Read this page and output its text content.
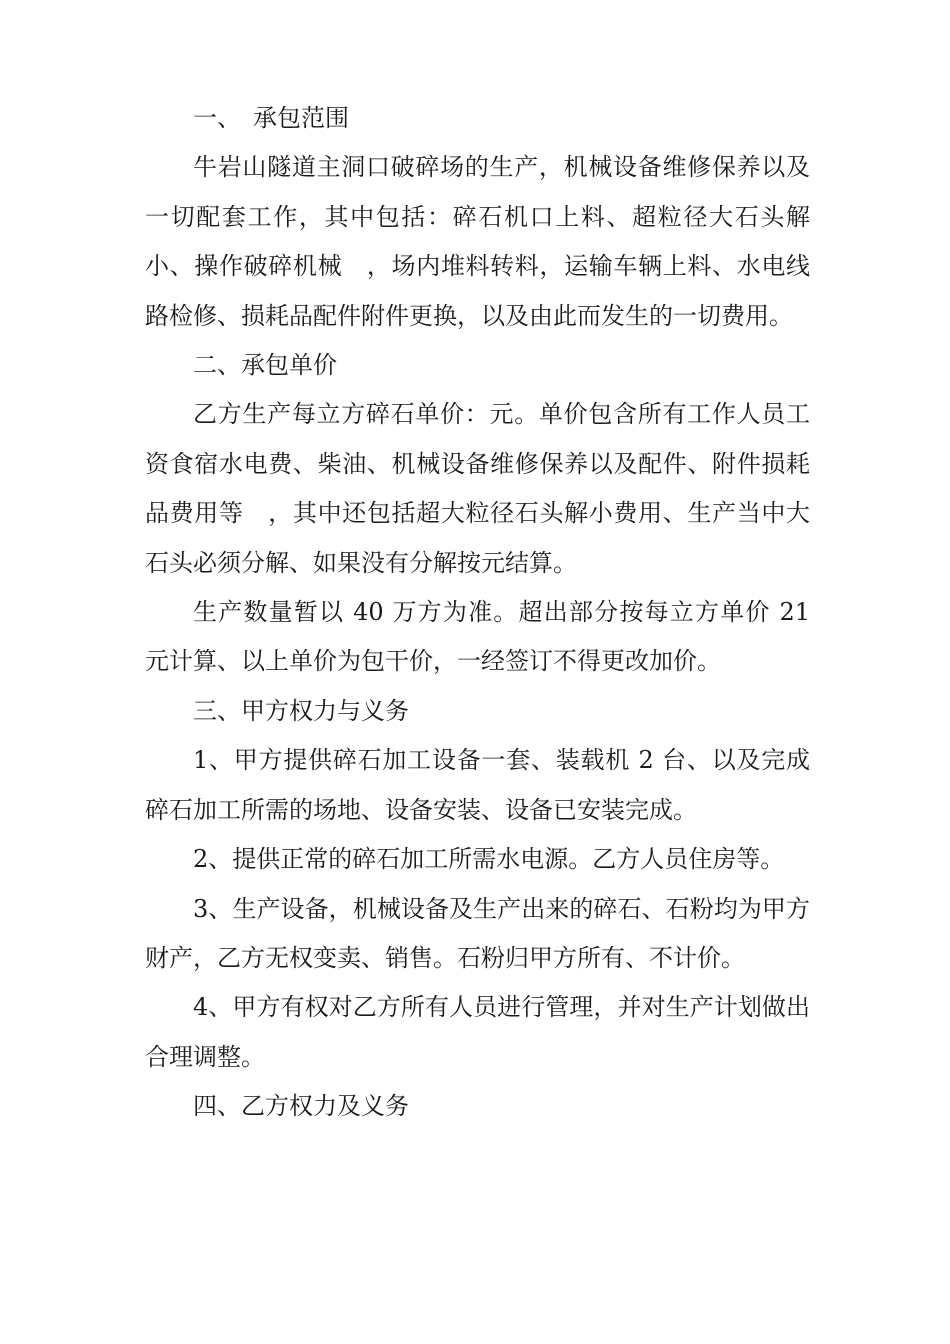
一、　承包范围

牛岩山隧道主洞口破碎场的生产，机械设备维修保养以及一切配套工作，其中包括：碎石机口上料、超粒径大石头解小、操作破碎机械　，场内堆料转料，运输车辆上料、水电线路检修、损耗品配件附件更换，以及由此而发生的一切费用。

二、承包单价

乙方生产每立方碎石单价：元。单价包含所有工作人员工资食宿水电费、柴油、机械设备维修保养以及配件、附件损耗品费用等　，其中还包括超大粒径石头解小费用、生产当中大石头必须分解、如果没有分解按元结算。

生产数量暂以 40 万方为准。超出部分按每立方单价 21 元计算、以上单价为包干价，一经签订不得更改加价。

三、甲方权力与义务

1、甲方提供碎石加工设备一套、装载机 2 台、以及完成碎石加工所需的场地、设备安装、设备已安装完成。

2、提供正常的碎石加工所需水电源。乙方人员住房等。

3、生产设备，机械设备及生产出来的碎石、石粉均为甲方财产，乙方无权变卖、销售。石粉归甲方所有、不计价。

4、甲方有权对乙方所有人员进行管理，并对生产计划做出合理调整。

四、乙方权力及义务
